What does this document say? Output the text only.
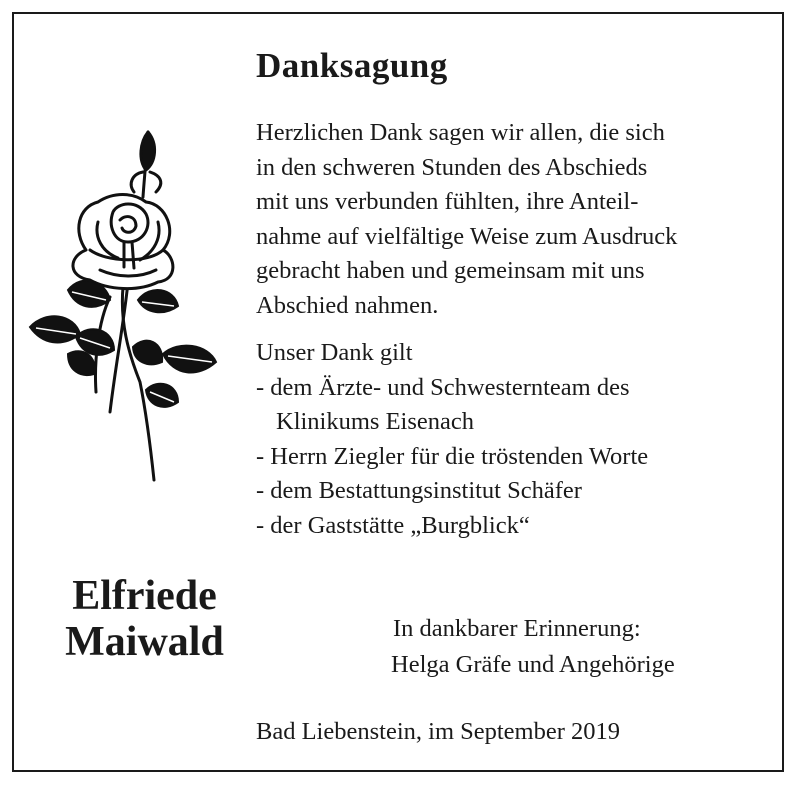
Danksagung
Herzlichen Dank sagen wir allen, die sich
in den schweren Stunden des Abschieds
mit uns verbunden fühlten, ihre Anteil-
nahme auf vielfältige Weise zum Ausdruck
gebracht haben und gemeinsam mit uns
Abschied nahmen.
Unser Dank gilt
- dem Ärzte- und Schwesternteam des
Klinikums Eisenach
- Herrn Ziegler für die tröstenden Worte
- dem Bestattungsinstitut Schäfer
- der Gaststätte „Burgblick“
Elfriede
Maiwald	In dankbarer Erinnerung:
Helga Gräfe und Angehörige
Bad Liebenstein, im September 2019
